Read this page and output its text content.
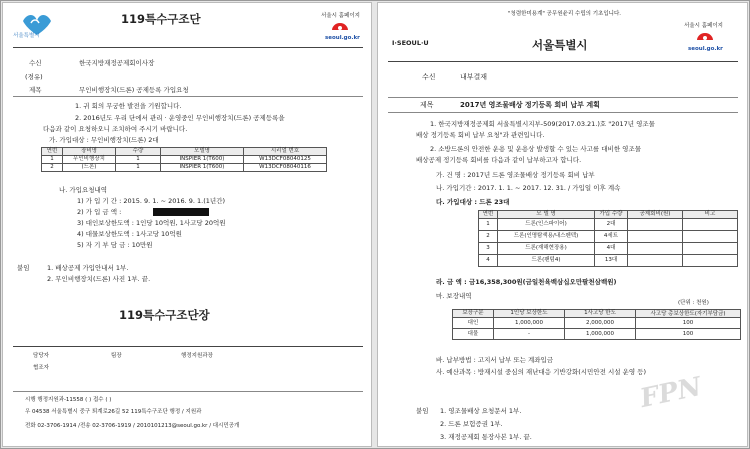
서울특별시
119특수구조단	서울시 홈페이지
seoul.go.kr
수신	한국지방재정공제회이사장
(경유)
제목	무인비행장치(드론) 공제등록 가입요청
1. 귀 회의 무궁한 발전을 기원합니다.
2. 2016년도 우리 단에서 관리 · 운영중인 무인비행장치(드론) 공제등록을
다음과 같이 요청하오니 조치하여 주시기 바랍니다.
가. 가입대상 : 무인비행장치(드론) 2대
연번	장비명	수량	모델명	시리얼 번호
1	무인비행장치	1	INSPIER 1(T600)	W13DCF08040125
2	(드론)	1	INSPIER 1(T600)	W13DCF08040116
나. 가입요청내역
1) 가 입 기 간 : 2015. 9. 1. ~ 2016. 9. 1.(1년간)
2) 가 입 금 액 :
3) 대인보상한도액 : 1인당 10억원, 1사고당 20억원
4) 대물보상한도액 : 1사고당 10억원
5) 자 기 부 담 금 : 10만원
붙임	1. 배상공제 가입안내서 1부.
2. 무인비행장치(드론) 사진 1부. 끝.
119특수구조단장
담당자	팀장	행정지원과장
협조자
시행 행정지원과-11558 ( ) 접수 ( )
우 04538 서울특별시 중구 퇴계로26길 52 119특수구조단 행정 / 지원과
전화 02-3706-1914 /전송 02-3706-1919 / 2010101213@seoul.go.kr / 대시민공개
"청렴한미용계" 공무원윤리 수립의 기초입니다.
I·SEOUL·U	서울특별시
서울시 홈페이지
seoul.go.kr
수신	내부결재
제목	2017년 영조물배상 정기등록 회비 납부 계획
1. 한국지방재정공제회 서울특별시지부-509(2017.03.21.)호 "2017년 영조물
배상 정기등록 회비 납부 요청"과 관련입니다.
2. 소방드론의 안전한 운용 및 운용상 발생할 수 있는 사고를 대비한 영조물
배상공제 정기등록 회비를 다음과 같이 납부하고자 합니다.
가. 건 명 : 2017년 드론 영조물배상 정기등록 회비 납부
나. 가입기간 : 2017. 1. 1. ~ 2017. 12. 31. / 가입일 이후 계속
다. 가입대상 : 드론 23대
연번	모 델 명	가입 수량	공제회비(원)	비고
1	드론(인스파이어)	2대		
2	드론(인명탐색용/내스펜텍)	4세트		
3	드론(재해현장용)	4대		
4	드론(팬텀4)	13대		
라. 금 액 : 금16,358,300원(금일천육백삼십오만팔천삼백원)
마. 보장내역
(단위 : 천원)
보장구분	1인당 보상한도	1사고당 한도	사고당 총보상한도(자기부담금)
대인	1,000,000	2,000,000	100
대물	-	1,000,000	100
바. 납부방법 : 고지서 납부 또는 계좌입금
사. 예산과목 : 방재시설 중심의 재난대응 기반강화(시민안전 시설 운영 등)
FPN
붙임 1. 영조물배상 요청문서 1부.
2. 드론 보험증권 1부.
3. 재정공제회 통장사본 1부. 끝.
